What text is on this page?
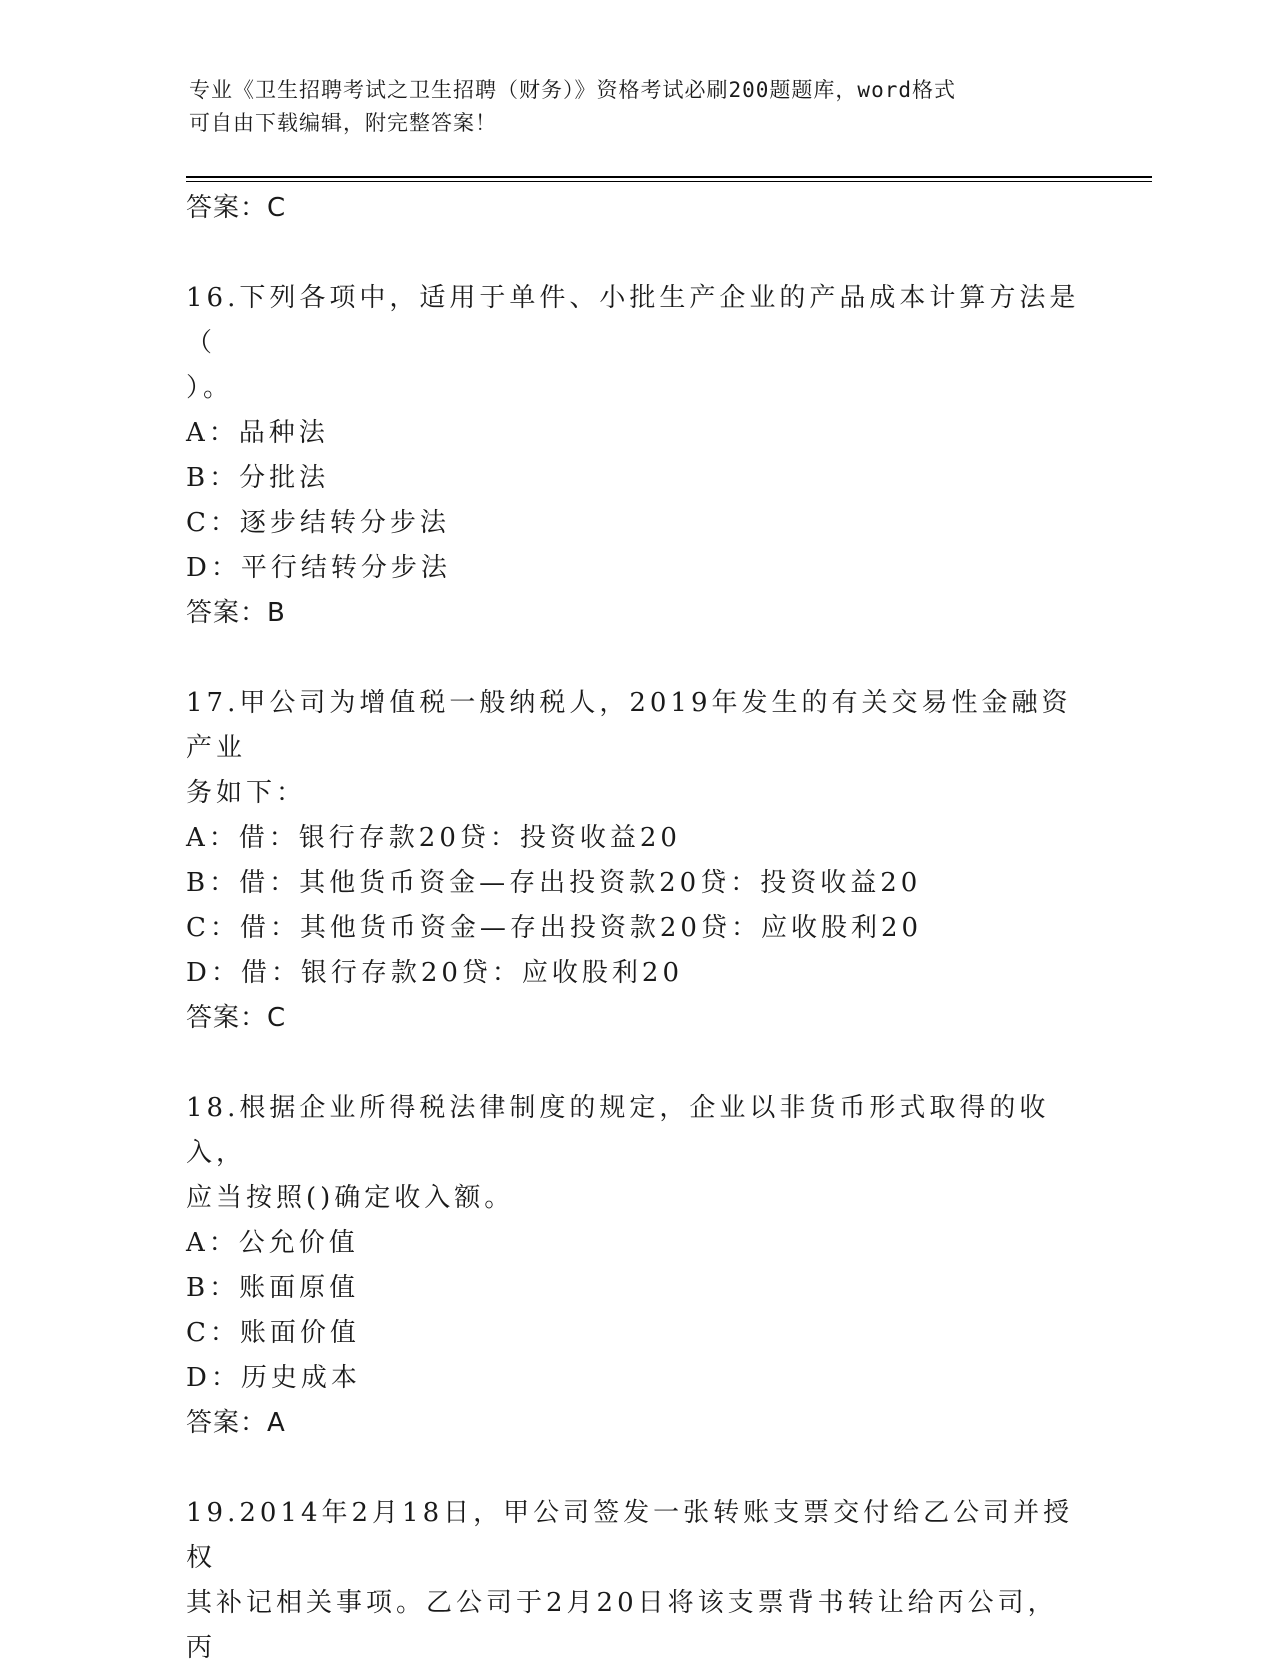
专业《卫生招聘考试之卫生招聘（财务）》资格考试必刷200题题库，word格式
可自由下载编辑，附完整答案！
答案：C
16.下列各项中，适用于单件、小批生产企业的产品成本计算方法是（
）。
A：品种法
B：分批法
C：逐步结转分步法
D：平行结转分步法
答案：B
17.甲公司为增值税一般纳税人，2019年发生的有关交易性金融资产业
务如下：
A：借：银行存款20贷：投资收益20
B：借：其他货币资金—存出投资款20贷：投资收益20
C：借：其他货币资金—存出投资款20贷：应收股利20
D：借：银行存款20贷：应收股利20
答案：C
18.根据企业所得税法律制度的规定，企业以非货币形式取得的收入，
应当按照()确定收入额。
A：公允价值
B：账面原值
C：账面价值
D：历史成本
答案：A
19.2014年2月18日，甲公司签发一张转账支票交付给乙公司并授权
其补记相关事项。乙公司于2月20日将该支票背书转让给丙公司，丙
